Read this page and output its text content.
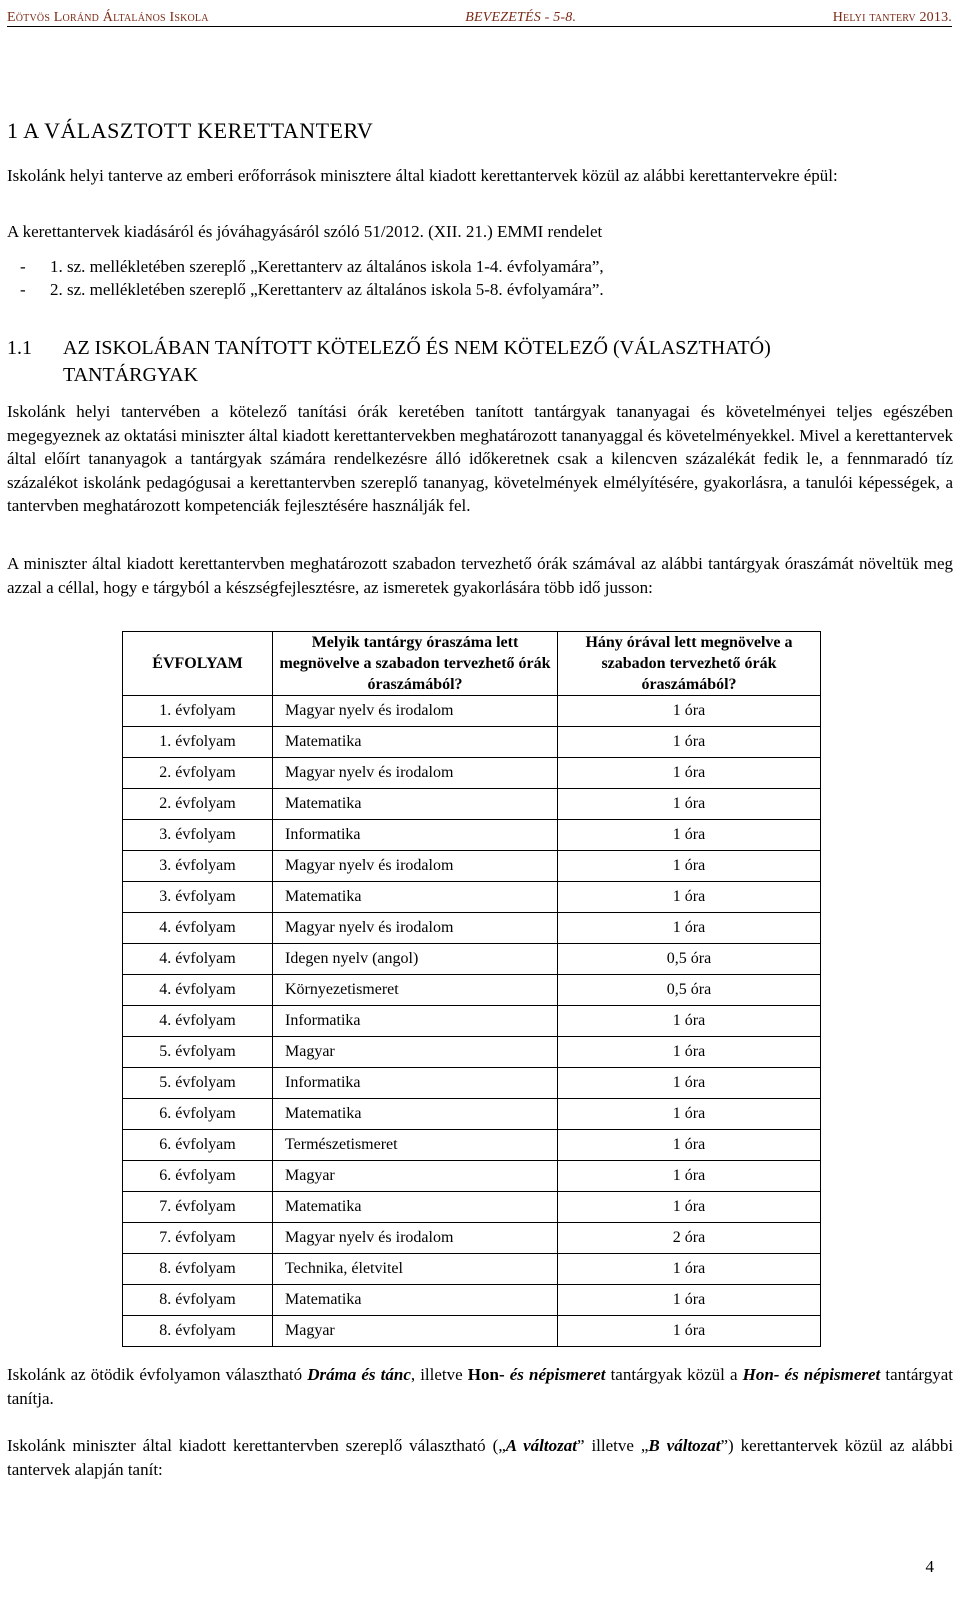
Eötvös Loránd Általános Iskola	BEVEZETÉS - 5-8.	Helyi tanterv 2013.
1 A VÁLASZTOTT KERETTANTERV
Iskolánk helyi tanterve az emberi erőforrások minisztere által kiadott kerettantervek közül az alábbi kerettantervekre épül:
A kerettantervek kiadásáról és jóváhagyásáról szóló 51/2012. (XII. 21.) EMMI rendelet
- 1. sz. mellékletében szereplő „Kerettanterv az általános iskola 1-4. évfolyamára”,
- 2. sz. mellékletében szereplő „Kerettanterv az általános iskola 5-8. évfolyamára”.
1.1 AZ ISKOLÁBAN TANÍTOTT KÖTELEZŐ ÉS NEM KÖTELEZŐ (VÁLASZTHATÓ)
TANTÁRGYAK
Iskolánk helyi tantervében a kötelező tanítási órák keretében tanított tantárgyak tananyagai és követelményei teljes egészében megegyeznek az oktatási miniszter által kiadott kerettantervekben meghatározott tananyaggal és követelményekkel. Mivel a kerettantervek által előírt tananyagok a tantárgyak számára rendelkezésre álló időkeretnek csak a kilencven százalékát fedik le, a fennmaradó tíz százalékot iskolánk pedagógusai a kerettantervben szereplő tananyag, követelmények elmélyítésére, gyakorlásra, a tanulói képességek, a tantervben meghatározott kompetenciák fejlesztésére használják fel.
A miniszter által kiadott kerettantervben meghatározott szabadon tervezhető órák számával az alábbi tantárgyak óraszámát növeltük meg azzal a céllal, hogy e tárgyból a készségfejlesztésre, az ismeretek gyakorlására több idő jusson:
ÉVFOLYAM	Melyik tantárgy óraszáma lett megnövelve a szabadon tervezhető órák óraszámából?	Hány órával lett megnövelve a szabadon tervezhető órák óraszámából?
1. évfolyam	Magyar nyelv és irodalom	1 óra
1. évfolyam	Matematika	1 óra
2. évfolyam	Magyar nyelv és irodalom	1 óra
2. évfolyam	Matematika	1 óra
3. évfolyam	Informatika	1 óra
3. évfolyam	Magyar nyelv és irodalom	1 óra
3. évfolyam	Matematika	1 óra
4. évfolyam	Magyar nyelv és irodalom	1 óra
4. évfolyam	Idegen nyelv (angol)	0,5 óra
4. évfolyam	Környezetismeret	0,5 óra
4. évfolyam	Informatika	1 óra
5. évfolyam	Magyar	1 óra
5. évfolyam	Informatika	1 óra
6. évfolyam	Matematika	1 óra
6. évfolyam	Természetismeret	1 óra
6. évfolyam	Magyar	1 óra
7. évfolyam	Matematika	1 óra
7. évfolyam	Magyar nyelv és irodalom	2 óra
8. évfolyam	Technika, életvitel	1 óra
8. évfolyam	Matematika	1 óra
8. évfolyam	Magyar	1 óra
Iskolánk az ötödik évfolyamon választható Dráma és tánc, illetve Hon- és népismeret tantárgyak közül a Hon- és népismeret tantárgyat tanítja.
Iskolánk miniszter által kiadott kerettantervben szereplő választható („A változat” illetve „B változat”) kerettantervek közül az alábbi tantervek alapján tanít:
4
